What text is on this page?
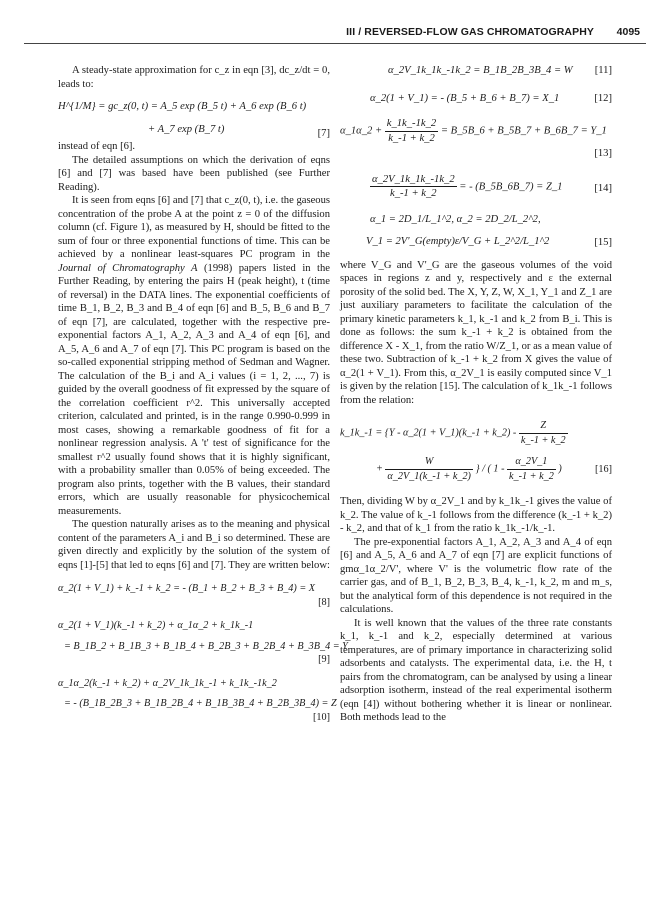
III / REVERSED-FLOW GAS CHROMATOGRAPHY 4095

A steady-state approximation for c_z in eqn [3], dc_z/dt = 0, leads to:

H^{1/M} = gc_z(0, t) = A_5 exp (B_5 t) + A_6 exp (B_6 t)
+ A_7 exp (B_7 t)	[7]

instead of eqn [6].

The detailed assumptions on which the derivation of eqns [6] and [7] was based have been published (see Further Reading).

It is seen from eqns [6] and [7] that c_z(0, t), i.e. the gaseous concentration of the probe A at the point z = 0 of the diffusion column (cf. Figure 1), as measured by H, should be fitted to the sum of four or three exponential functions of time. This can be achieved by a nonlinear least-squares PC program in the Journal of Chromatography A (1998) papers listed in the Further Reading, by entering the pairs H (peak height), t (time of reversal) in the DATA lines. The exponential coefficients of time B_1, B_2, B_3 and B_4 of eqn [6] and B_5, B_6 and B_7 of eqn [7], are calculated, together with the respective pre-exponential factors A_1, A_2, A_3 and A_4 of eqn [6], and A_5, A_6 and A_7 of eqn [7]. This PC program is based on the so-called exponential stripping method of Sedman and Wagner. The calculation of the B_i and A_i values (i = 1, 2, ..., 7) is guided by the overall goodness of fit expressed by the square of the correlation coefficient r^2. This universally accepted criterion, calculated and printed, is in the range 0.990-0.999 in most cases, showing a remarkable goodness of fit for a nonlinear regression analysis. A 't' test of significance for the smallest r^2 usually found shows that it is highly significant, with a probability smaller than 0.05% of being exceeded. The program also prints, together with the B values, their standard errors, which are usually reasonable for physicochemical measurements.

The question naturally arises as to the meaning and physical content of the parameters A_i and B_i so determined. These are given directly and explicitly by the solution of the system of eqns [1]-[5] that led to eqns [6] and [7]. They are written below:

α_2(1 + V_1) + k_-1 + k_2 = - (B_1 + B_2 + B_3 + B_4) = X
[8]
α_2(1 + V_1)(k_-1 + k_2) + α_1α_2 + k_1k_-1
= B_1B_2 + B_1B_3 + B_1B_4 + B_2B_3 + B_2B_4 + B_3B_4 = Y
[9]
α_1α_2(k_-1 + k_2) + α_2V_1k_1k_-1 + k_1k_-1k_2
= - (B_1B_2B_3 + B_1B_2B_4 + B_1B_3B_4 + B_2B_3B_4) = Z
[10]
α_2V_1k_1k_-1k_2 = B_1B_2B_3B_4 = W [11]
α_2(1 + V_1) = - (B_5 + B_6 + B_7) = X_1	[12]
α_1α_2 + $\frac{k\_1k\_-1k\_2}{k\_-1 + k\_2}$ = B_5B_6 + B_5B_7 + B_6B_7 = Y_1
[13]
$\frac{\alpha\_2V\_1k\_1k\_-1k\_2}{k\_-1 + k\_2}$ = - (B_5B_6B_7) = Z_1	[14]
α_1 = 2D_1/L_1^2, α_2 = 2D_2/L_2^2,
V_1 = 2V'_G(empty)ε/V_G + L_2^2/L_1^2	[15]

where V_G and V'_G are the gaseous volumes of the void spaces in regions z and y, respectively and ε the external porosity of the solid bed. The X, Y, Z, W, X_1, Y_1 and Z_1 are just auxiliary parameters to facilitate the calculation of the primary kinetic parameters k_1, k_-1 and k_2 from B_i. This is done as follows: the sum k_-1 + k_2 is obtained from the difference X - X_1, from the ratio W/Z_1, or as a mean value of these two. Subtraction of k_-1 + k_2 from X gives the value of α_2(1 + V_1). From this, α_2V_1 is easily computed since V_1 is given by the relation [15]. The calculation of k_1k_-1 follows from the relation:

k_1k_-1 = {Y - α_2(1 + V_1)(k_-1 + k_2) - $\frac{Z}{k\_-1 + k\_2}$
+ $\frac{W}{\alpha\_2V\_1(k\_-1 + k\_2)}$ } / ( $1 - \frac{\alpha\_2V\_1}{k\_-1 + k\_2}$ )	[16]

Then, dividing W by α_2V_1 and by k_1k_-1 gives the value of k_2. The value of k_-1 follows from the difference (k_-1 + k_2) - k_2, and that of k_1 from the ratio k_1k_-1/k_-1.

The pre-exponential factors A_1, A_2, A_3 and A_4 of eqn [6] and A_5, A_6 and A_7 of eqn [7] are explicit functions of gmα_1α_2/V', where V' is the volumetric flow rate of the carrier gas, and of B_1, B_2, B_3, B_4, k_-1, k_2, m and m_s, but the analytical form of this dependence is not required in the calculations.

It is well known that the values of the three rate constants k_1, k_-1 and k_2, especially determined at various temperatures, are of primary importance in characterizing solid adsorbents and catalysts. The experimental data, i.e. the H, t pairs from the chromatogram, can be analysed by using a linear adsorption isotherm, instead of the real experimental isotherm (eqn [4]) without bothering whether it is linear or nonlinear. Both methods lead to the
